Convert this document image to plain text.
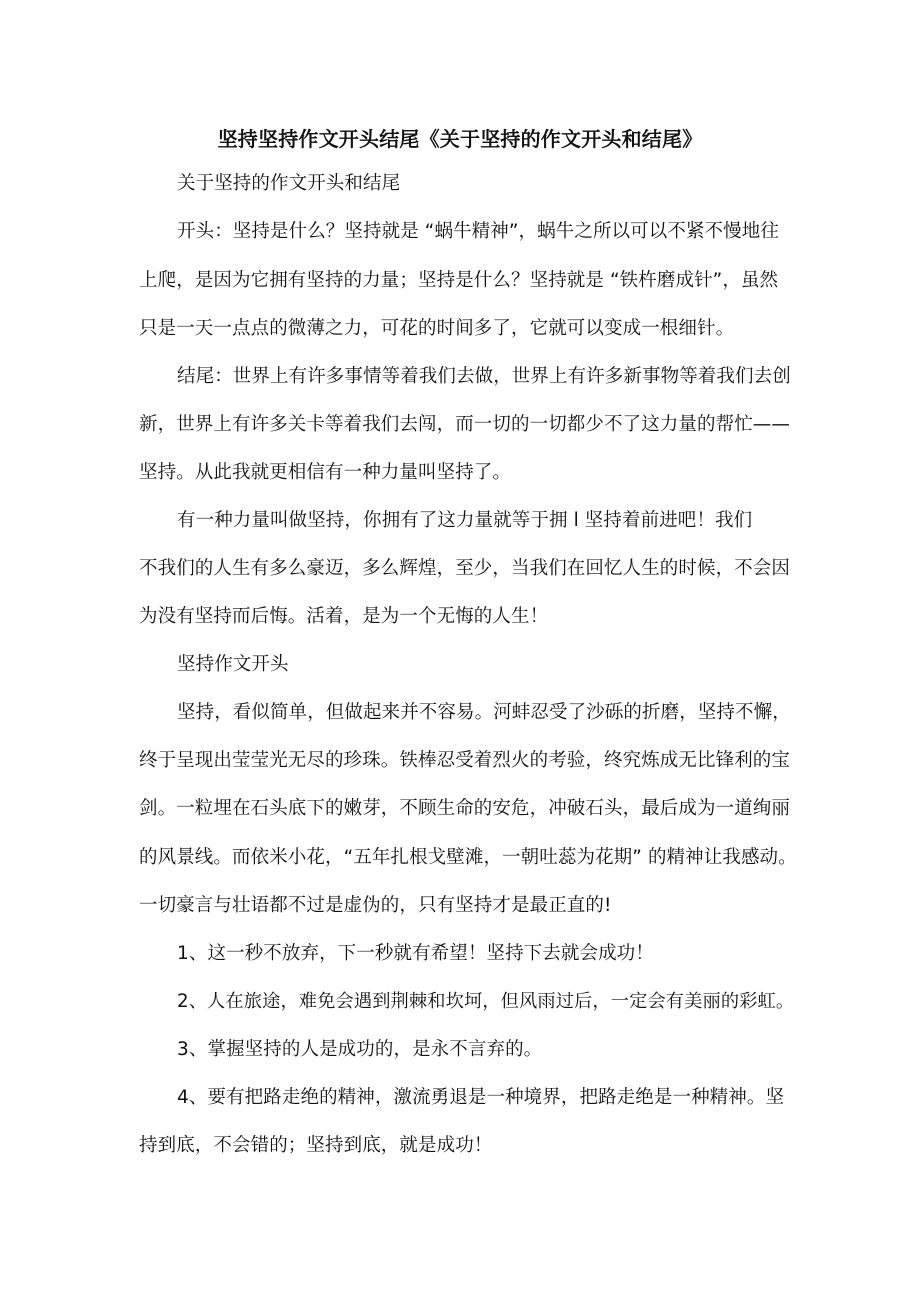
坚持坚持作文开头结尾《关于坚持的作文开头和结尾》
关于坚持的作文开头和结尾
开头：坚持是什么？坚持就是 “蜗牛精神”，蜗牛之所以可以不紧不慢地往
上爬，是因为它拥有坚持的力量；坚持是什么？坚持就是 “铁杵磨成针”，虽然
只是一天一点点的微薄之力，可花的时间多了，它就可以变成一根细针。
结尾：世界上有许多事情等着我们去做，世界上有许多新事物等着我们去创
新，世界上有许多关卡等着我们去闯，而一切的一切都少不了这力量的帮忙——
坚持。从此我就更相信有一种力量叫坚持了。
有一种力量叫做坚持，你拥有了这力量就等于拥 l 坚持着前进吧！我们
不我们的人生有多么豪迈，多么辉煌，至少，当我们在回忆人生的时候，不会因
为没有坚持而后悔。活着，是为一个无悔的人生！
坚持作文开头
坚持，看似简单，但做起来并不容易。河蚌忍受了沙砾的折磨，坚持不懈，
终于呈现出莹莹光无尽的珍珠。铁棒忍受着烈火的考验，终究炼成无比锋利的宝
剑。一粒埋在石头底下的嫩芽，不顾生命的安危，冲破石头，最后成为一道绚丽
的风景线。而依米小花，“五年扎根戈壁滩，一朝吐蕊为花期” 的精神让我感动。
一切豪言与壮语都不过是虚伪的，只有坚持才是最正直的!
1、这一秒不放弃，下一秒就有希望！坚持下去就会成功！
2、人在旅途，难免会遇到荆棘和坎坷，但风雨过后，一定会有美丽的彩虹。
3、掌握坚持的人是成功的，是永不言弃的。
4、要有把路走绝的精神，激流勇退是一种境界，把路走绝是一种精神。坚
持到底，不会错的；坚持到底，就是成功！
